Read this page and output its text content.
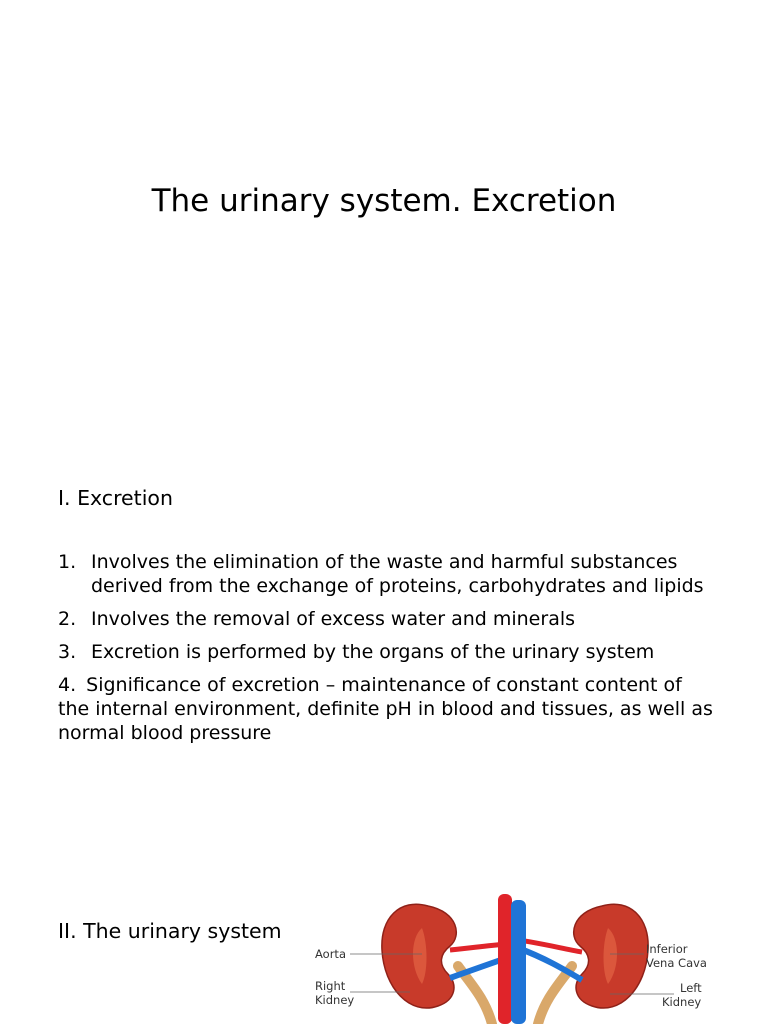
The urinary system. Excretion
I. Excretion
1. Involves the elimination of the waste and harmful substances derived from the exchange of proteins, carbohydrates and lipids
2. Involves the removal of excess water and minerals
3. Excretion is performed by the organs of the urinary system
4. Significance of excretion – maintenance of constant content of the internal environment, definite pH in blood and tissues, as well as normal blood pressure
II. The urinary system
Aorta
Right
Kidney
Inferior
Vena Cava
Left
Kidney
